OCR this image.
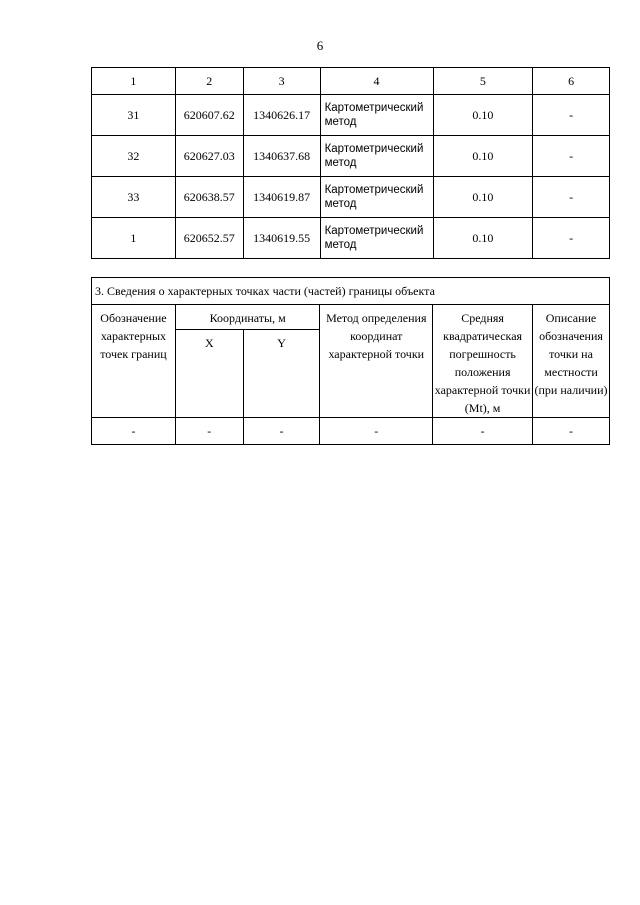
6
1	2	3	4	5	6
31	620607.62	1340626.17	Картометрический метод	0.10	-
32	620627.03	1340637.68	Картометрический метод	0.10	-
33	620638.57	1340619.87	Картометрический метод	0.10	-
1	620652.57	1340619.55	Картометрический метод	0.10	-
3. Сведения о характерных точках части (частей) границы объекта					
Обозначение характерных точек границ	Координаты, м		Метод определения координат характерной точки	Средняя квадратическая погрешность положения характерной точки (Mt), м	Описание обозначения точки на местности (при наличии)
	X	Y			
-	-	-	-	-	-
